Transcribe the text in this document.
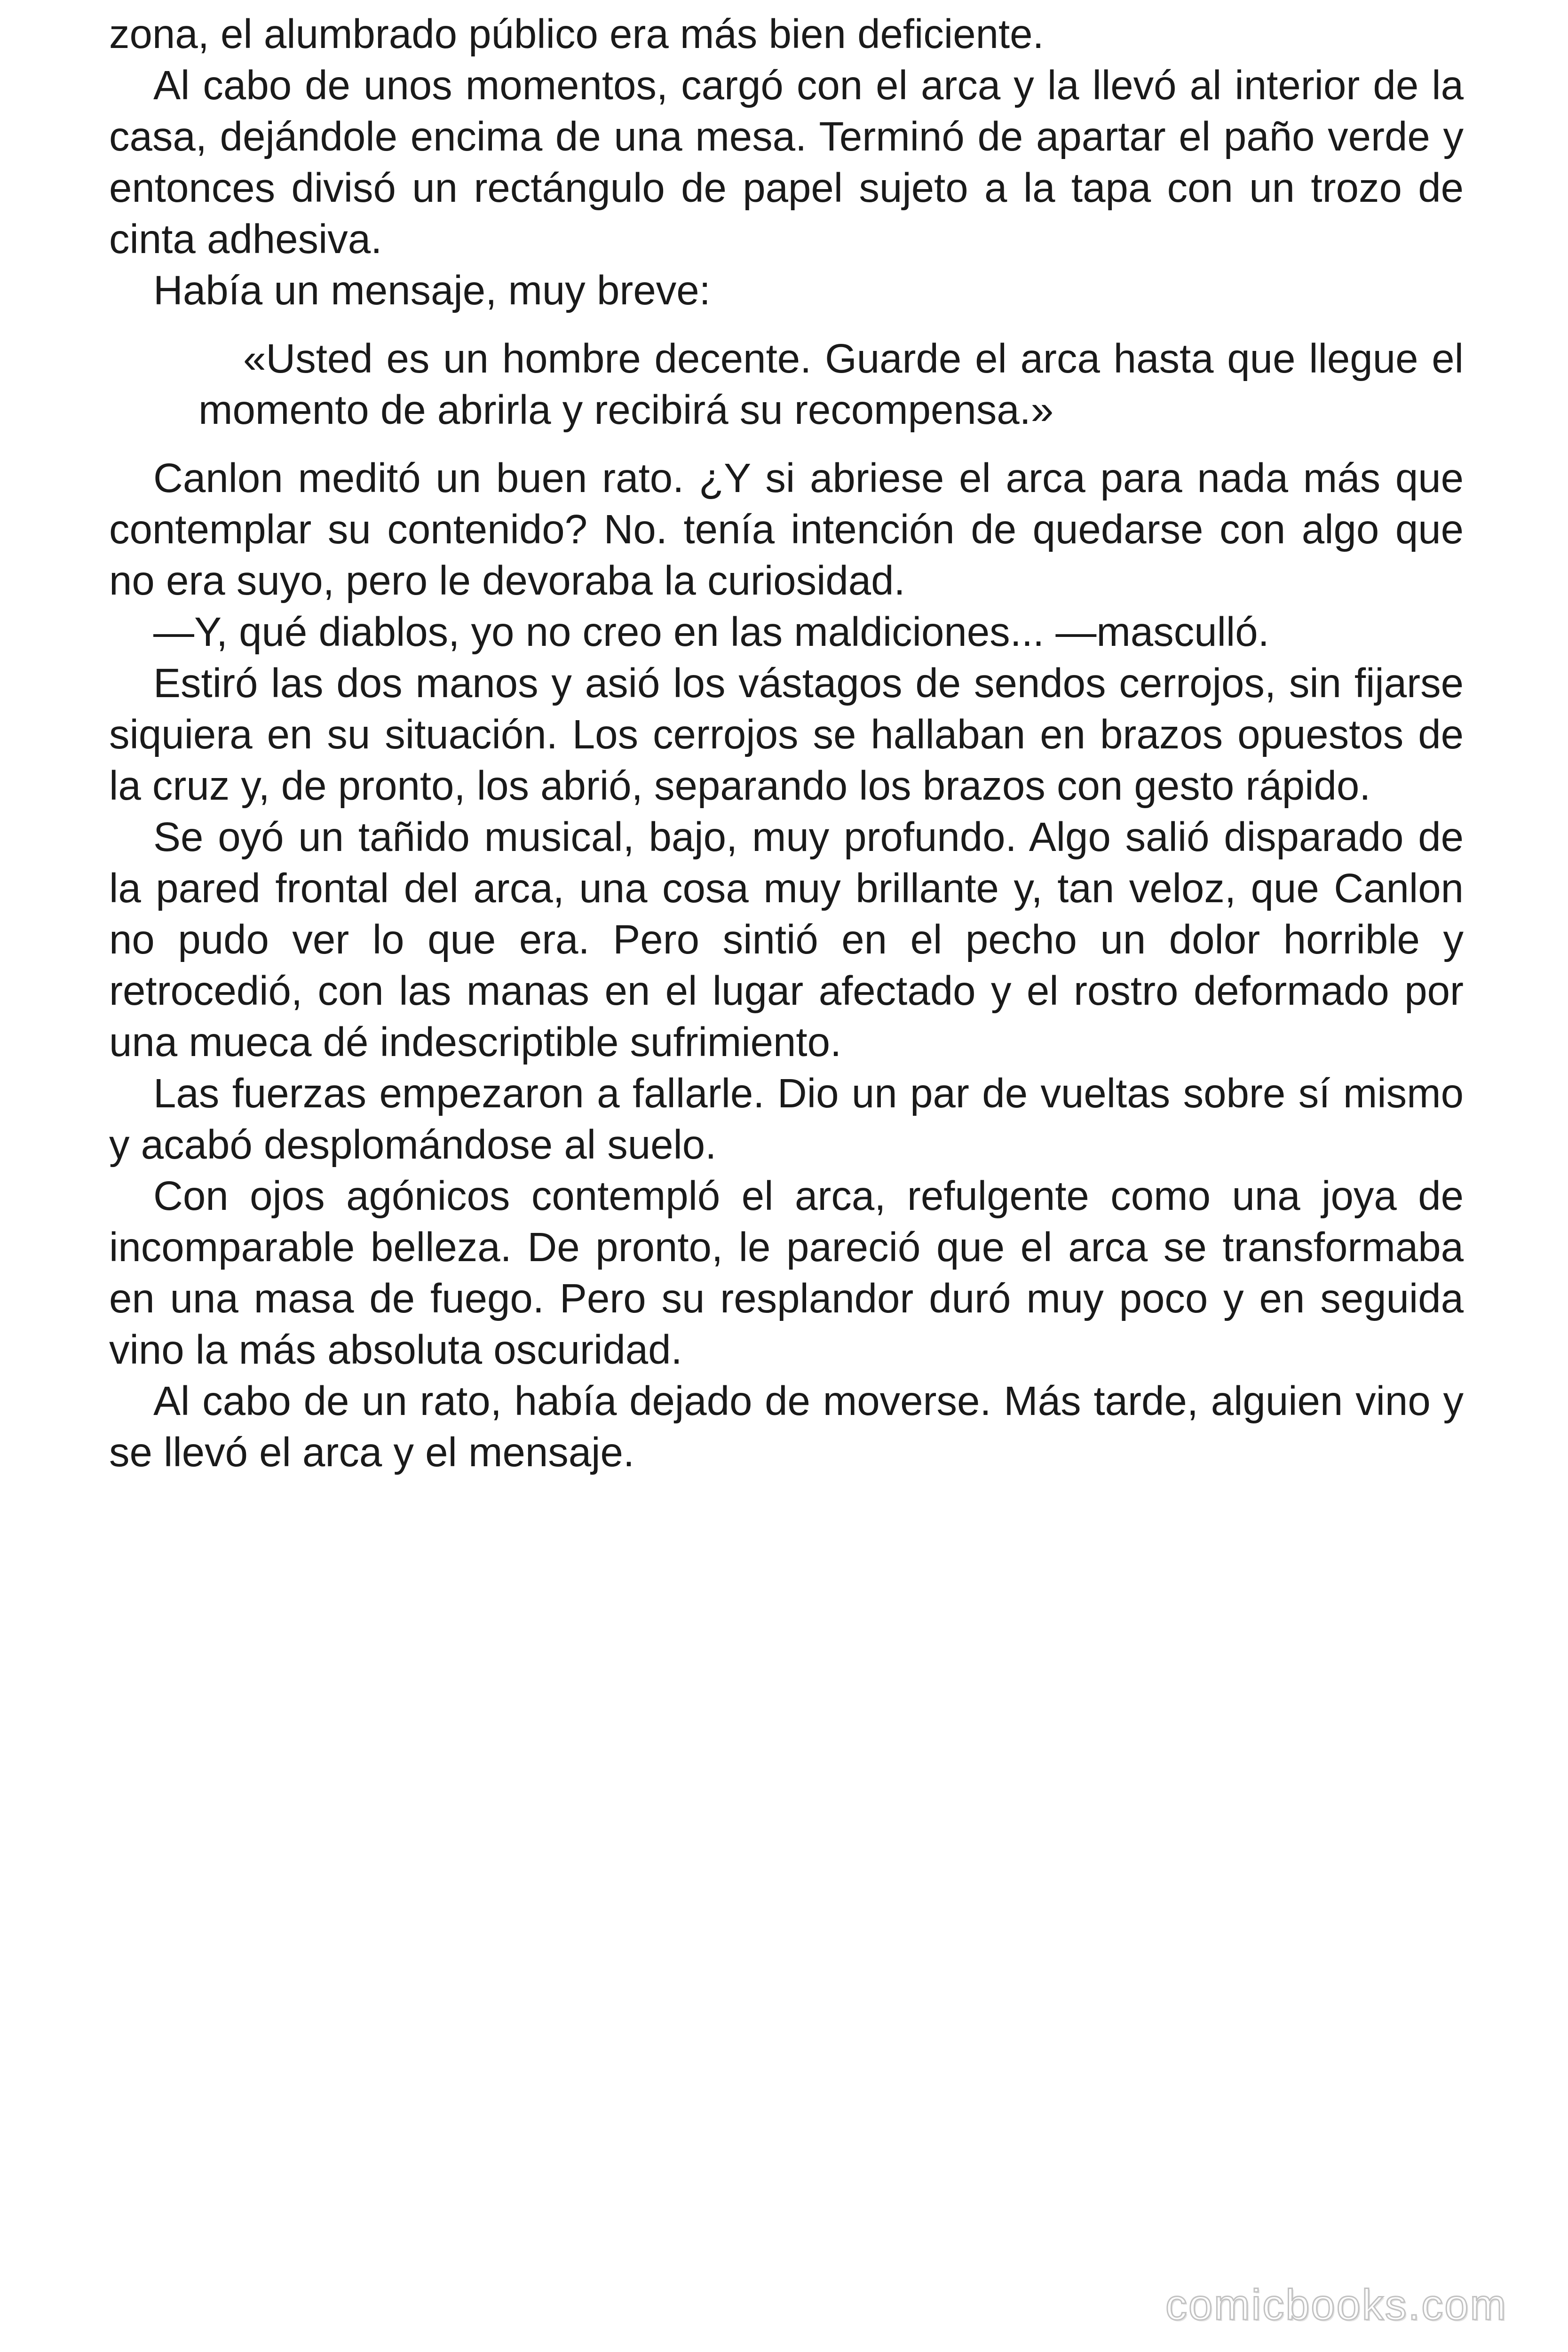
zona, el alumbrado público era más bien deficiente.

Al cabo de unos momentos, cargó con el arca y la llevó al interior de la casa, dejándole encima de una mesa. Terminó de apartar el paño verde y entonces divisó un rectángulo de papel sujeto a la tapa con un trozo de cinta adhesiva.

Había un mensaje, muy breve:

«Usted es un hombre decente. Guarde el arca hasta que llegue el momento de abrirla y recibirá su recompensa.»

Canlon meditó un buen rato. ¿Y si abriese el arca para nada más que contemplar su contenido? No. tenía intención de quedarse con algo que no era suyo, pero le devoraba la curiosidad.

—Y, qué diablos, yo no creo en las maldiciones... —masculló.

Estiró las dos manos y asió los vástagos de sendos cerrojos, sin fijarse siquiera en su situación. Los cerrojos se hallaban en brazos opuestos de la cruz y, de pronto, los abrió, separando los brazos con gesto rápido.

Se oyó un tañido musical, bajo, muy profundo. Algo salió disparado de la pared frontal del arca, una cosa muy brillante y, tan veloz, que Canlon no pudo ver lo que era. Pero sintió en el pecho un dolor horrible y retrocedió, con las manas en el lugar afectado y el rostro deformado por una mueca dé indescriptible sufrimiento.

Las fuerzas empezaron a fallarle. Dio un par de vueltas sobre sí mismo y acabó desplomándose al suelo.

Con ojos agónicos contempló el arca, refulgente como una joya de incomparable belleza. De pronto, le pareció que el arca se transformaba en una masa de fuego. Pero su resplandor duró muy poco y en seguida vino la más absoluta oscuridad.

Al cabo de un rato, había dejado de moverse. Más tarde, alguien vino y se llevó el arca y el mensaje.

comicbooks.com
